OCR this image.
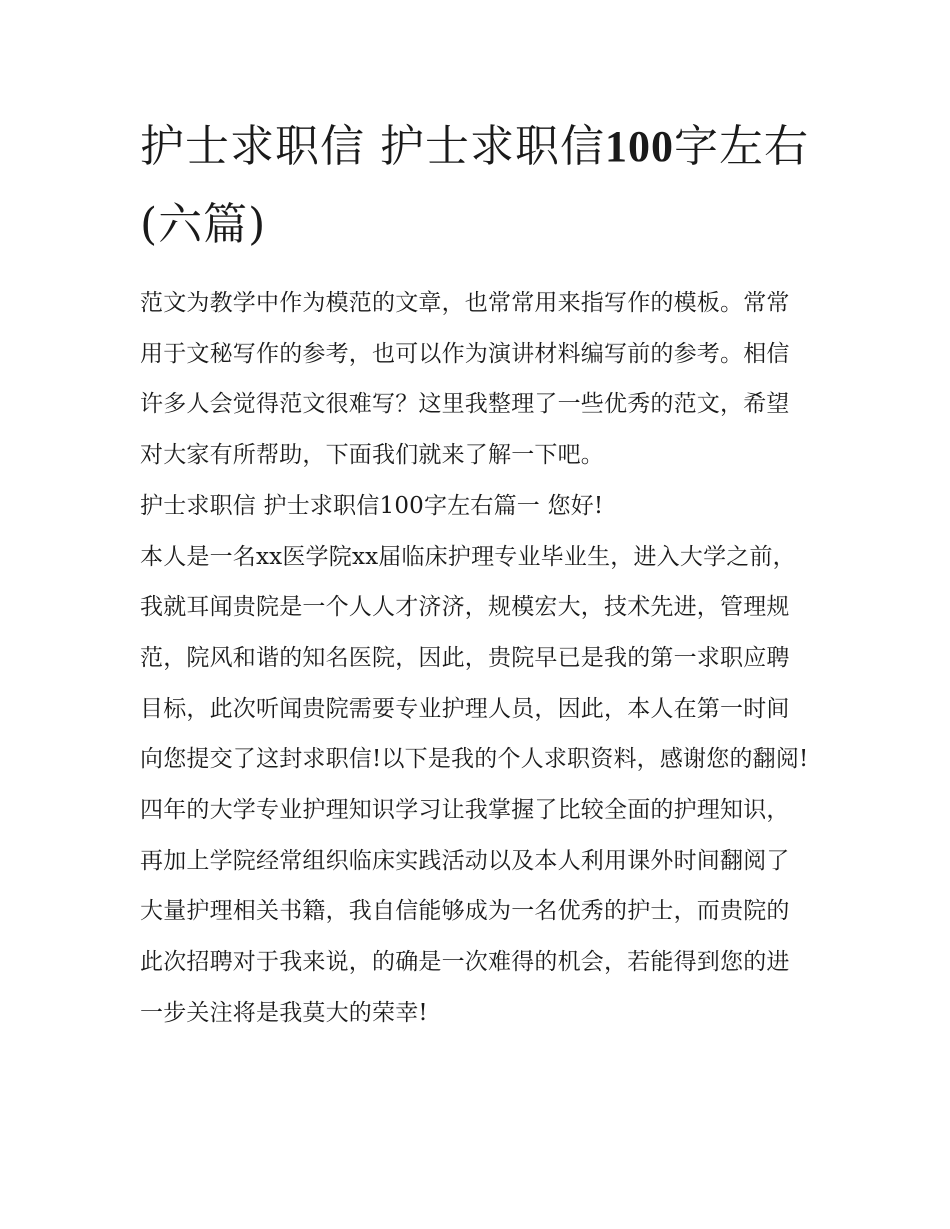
护士求职信 护士求职信100字左右(六篇)

范文为教学中作为模范的文章，也常常用来指写作的模板。常常用于文秘写作的参考，也可以作为演讲材料编写前的参考。相信许多人会觉得范文很难写？这里我整理了一些优秀的范文，希望对大家有所帮助，下面我们就来了解一下吧。

护士求职信 护士求职信100字左右篇一 您好!

本人是一名xx医学院xx届临床护理专业毕业生，进入大学之前，我就耳闻贵院是一个人人才济济，规模宏大，技术先进，管理规范，院风和谐的知名医院，因此，贵院早已是我的第一求职应聘目标，此次听闻贵院需要专业护理人员，因此，本人在第一时间向您提交了这封求职信!以下是我的个人求职资料，感谢您的翻阅!

四年的大学专业护理知识学习让我掌握了比较全面的护理知识，再加上学院经常组织临床实践活动以及本人利用课外时间翻阅了大量护理相关书籍，我自信能够成为一名优秀的护士，而贵院的此次招聘对于我来说，的确是一次难得的机会，若能得到您的进一步关注将是我莫大的荣幸!
